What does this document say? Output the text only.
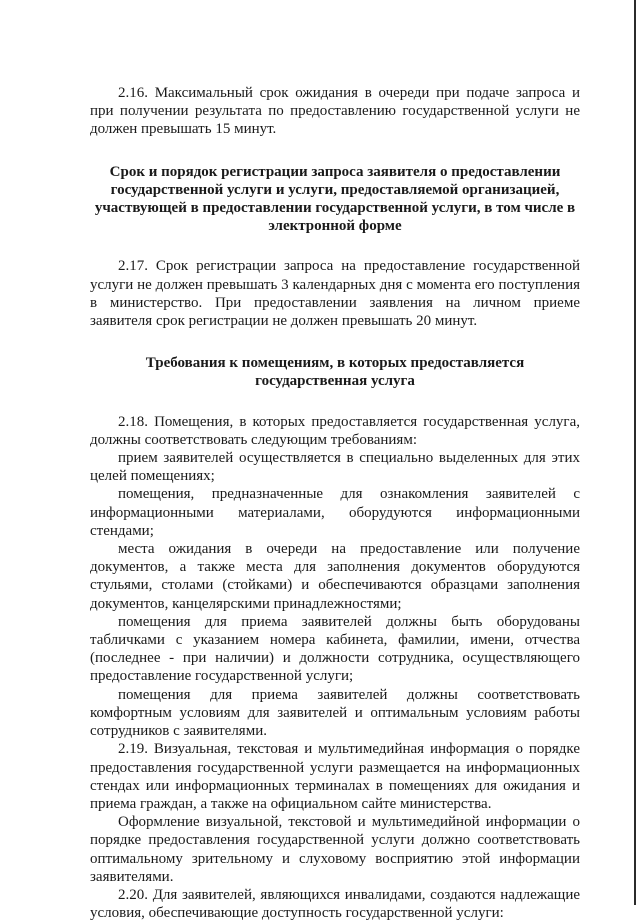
2.16. Максимальный срок ожидания в очереди при подаче запроса и при получении результата по предоставлению государственной услуги не должен превышать 15 минут.

Срок и порядок регистрации запроса заявителя о предоставлении государственной услуги и услуги, предоставляемой организацией, участвующей в предоставлении государственной услуги, в том числе в электронной форме

2.17. Срок регистрации запроса на предоставление государственной услуги не должен превышать 3 календарных дня с момента его поступления в министерство. При предоставлении заявления на личном приеме заявителя срок регистрации не должен превышать 20 минут.

Требования к помещениям, в которых предоставляется государственная услуга

2.18. Помещения, в которых предоставляется государственная услуга, должны соответствовать следующим требованиям:

прием заявителей осуществляется в специально выделенных для этих целей помещениях;

помещения, предназначенные для ознакомления заявителей с информационными материалами, оборудуются информационными стендами;

места ожидания в очереди на предоставление или получение документов, а также места для заполнения документов оборудуются стульями, столами (стойками) и обеспечиваются образцами заполнения документов, канцелярскими принадлежностями;

помещения для приема заявителей должны быть оборудованы табличками с указанием номера кабинета, фамилии, имени, отчества (последнее - при наличии) и должности сотрудника, осуществляющего предоставление государственной услуги;

помещения для приема заявителей должны соответствовать комфортным условиям для заявителей и оптимальным условиям работы сотрудников с заявителями.

2.19. Визуальная, текстовая и мультимедийная информация о порядке предоставления государственной услуги размещается на информационных стендах или информационных терминалах в помещениях для ожидания и приема граждан, а также на официальном сайте министерства.

Оформление визуальной, текстовой и мультимедийной информации о порядке предоставления государственной услуги должно соответствовать оптимальному зрительному и слуховому восприятию этой информации заявителями.

2.20. Для заявителей, являющихся инвалидами, создаются надлежащие условия, обеспечивающие доступность государственной услуги:
